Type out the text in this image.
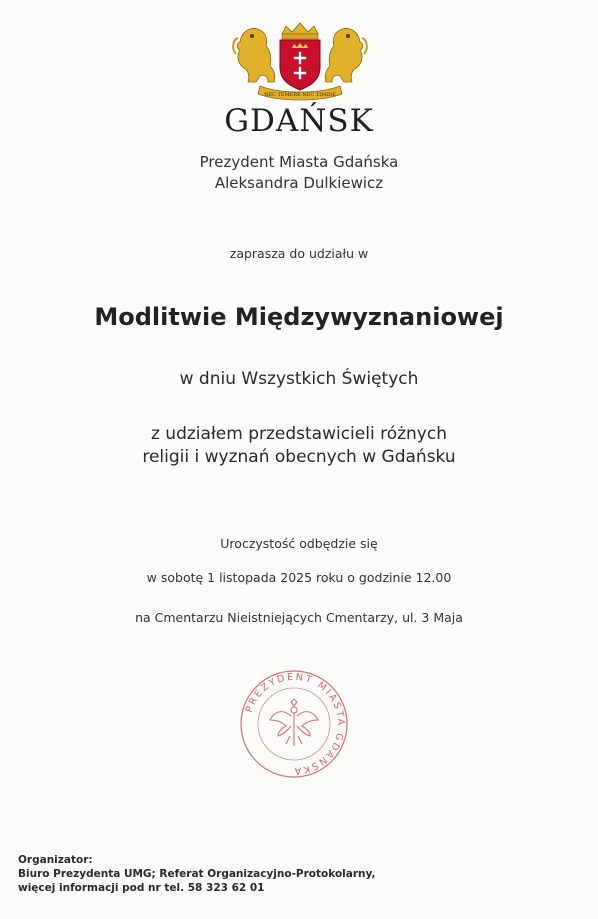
NEC TEMERE NEC TIMIDE
GDAŃSK
Prezydent Miasta Gdańska
Aleksandra Dulkiewicz
zaprasza do udziału w
Modlitwie Międzywyznaniowej
w dniu Wszystkich Świętych
z udziałem przedstawicieli różnych
religii i wyznań obecnych w Gdańsku
Uroczystość odbędzie się
w sobotę 1 listopada 2025 roku o godzinie 12.00
na Cmentarzu Nieistniejących Cmentarzy, ul. 3 Maja
PREZYDENT MIASTA GDAŃSKA
Organizator:
Biuro Prezydenta UMG; Referat Organizacyjno-Protokolarny,
więcej informacji pod nr tel. 58 323 62 01
